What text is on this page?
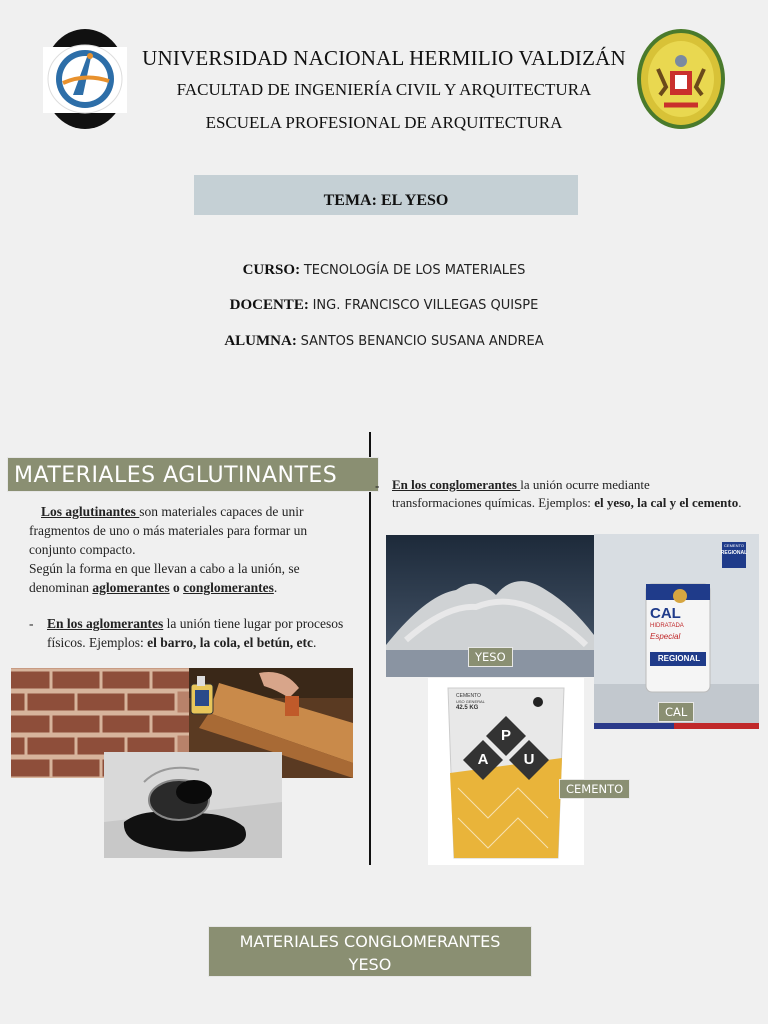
UNIVERSIDAD NACIONAL HERMILIO VALDIZÁN
FACULTAD DE INGENIERÍA CIVIL Y ARQUITECTURA
ESCUELA PROFESIONAL DE ARQUITECTURA
TEMA: EL YESO
CURSO: TECNOLOGÍA DE LOS MATERIALES
DOCENTE: ING. FRANCISCO VILLEGAS QUISPE
ALUMNA: SANTOS BENANCIO SUSANA ANDREA
MATERIALES AGLUTINANTES
Los aglutinantes son materiales capaces de unir fragmentos de uno o más materiales para formar un conjunto compacto.
Según la forma en que llevan a cabo a la unión, se denominan aglomerantes o conglomerantes.
-	En los aglomerantes la unión tiene lugar por procesos físicos. Ejemplos: el barro, la cola, el betún, etc.
- En los conglomerantes la unión ocurre mediante transformaciones químicas. Ejemplos: el yeso, la cal y el cemento.
CAL
HIDRATADA
Especial
REGIONAL
CEMENTO
REGIONAL
CEMENTO
USO GENERAL
42.5 KG
P
A U
YESO
CAL
CEMENTO
MATERIALES CONGLOMERANTES
YESO
